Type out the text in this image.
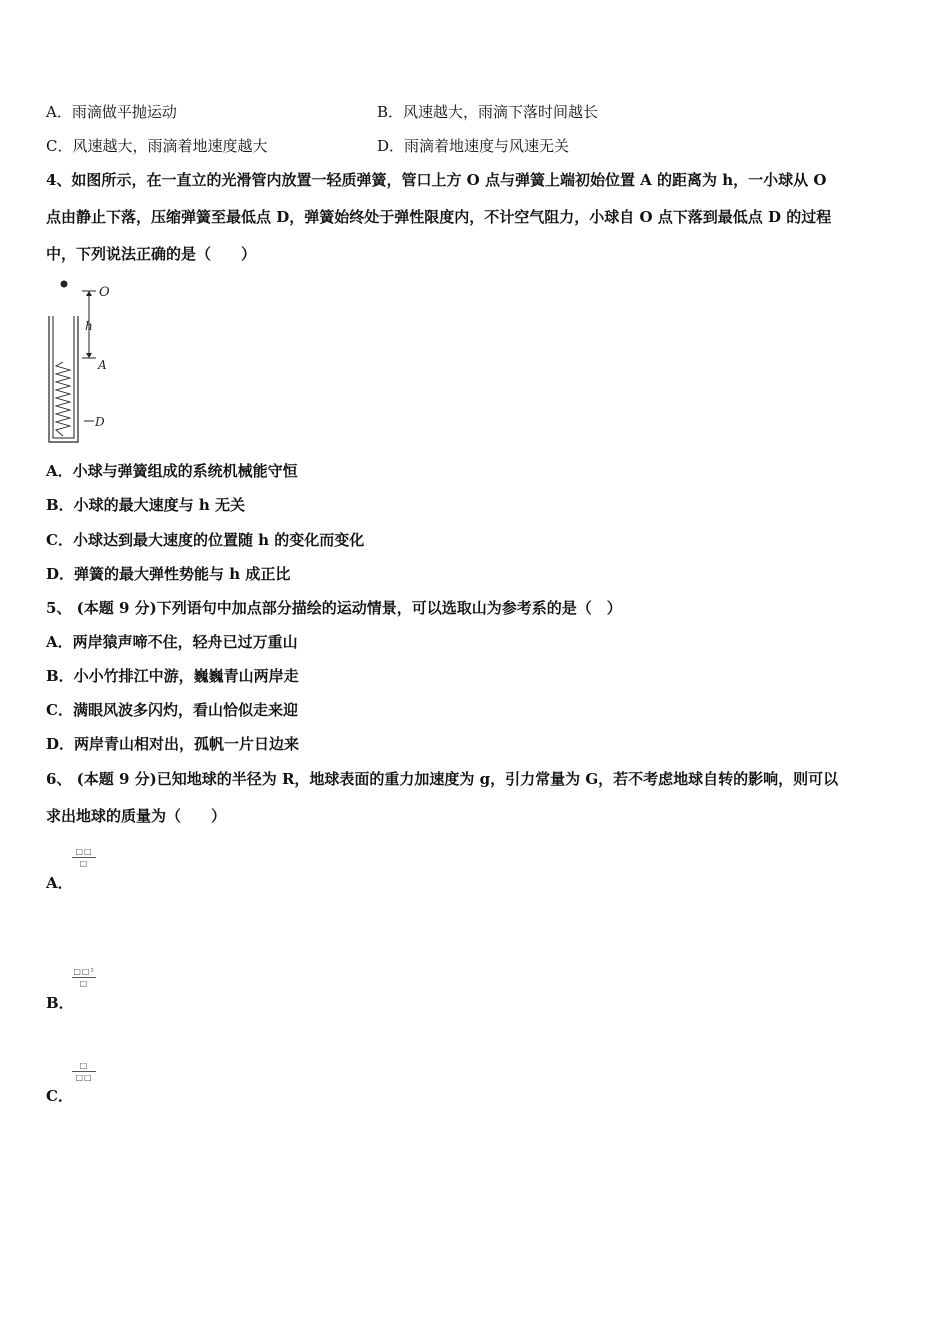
A．雨滴做平抛运动	B．风速越大，雨滴下落时间越长
C．风速越大，雨滴着地速度越大	D．雨滴着地速度与风速无关
4、如图所示，在一直立的光滑管内放置一轻质弹簧，管口上方 O 点与弹簧上端初始位置 A 的距离为 h，一小球从 O
点由静止下落，压缩弹簧至最低点 D，弹簧始终处于弹性限度内，不计空气阻力，小球自 O 点下落到最低点 D 的过程
中，下列说法正确的是（　　）
O
h
A
D
A．小球与弹簧组成的系统机械能守恒
B．小球的最大速度与 h 无关
C．小球达到最大速度的位置随 h 的变化而变化
D．弹簧的最大弹性势能与 h 成正比
5、 (本题 9 分)下列语句中加点部分描绘的运动情景，可以选取山为参考系的是（　）
A．两岸猿声啼不住，轻舟已过万重山
B．小小竹排江中游，巍巍青山两岸走
C．满眼风波多闪灼，看山恰似走来迎
D．两岸青山相对出，孤帆一片日边来
6、 (本题 9 分)已知地球的半径为 R，地球表面的重力加速度为 g，引力常量为 G，若不考虑地球自转的影响，则可以
求出地球的质量为（　　）
□□
□
A．
□□²
□
B．
□
□□
C．
